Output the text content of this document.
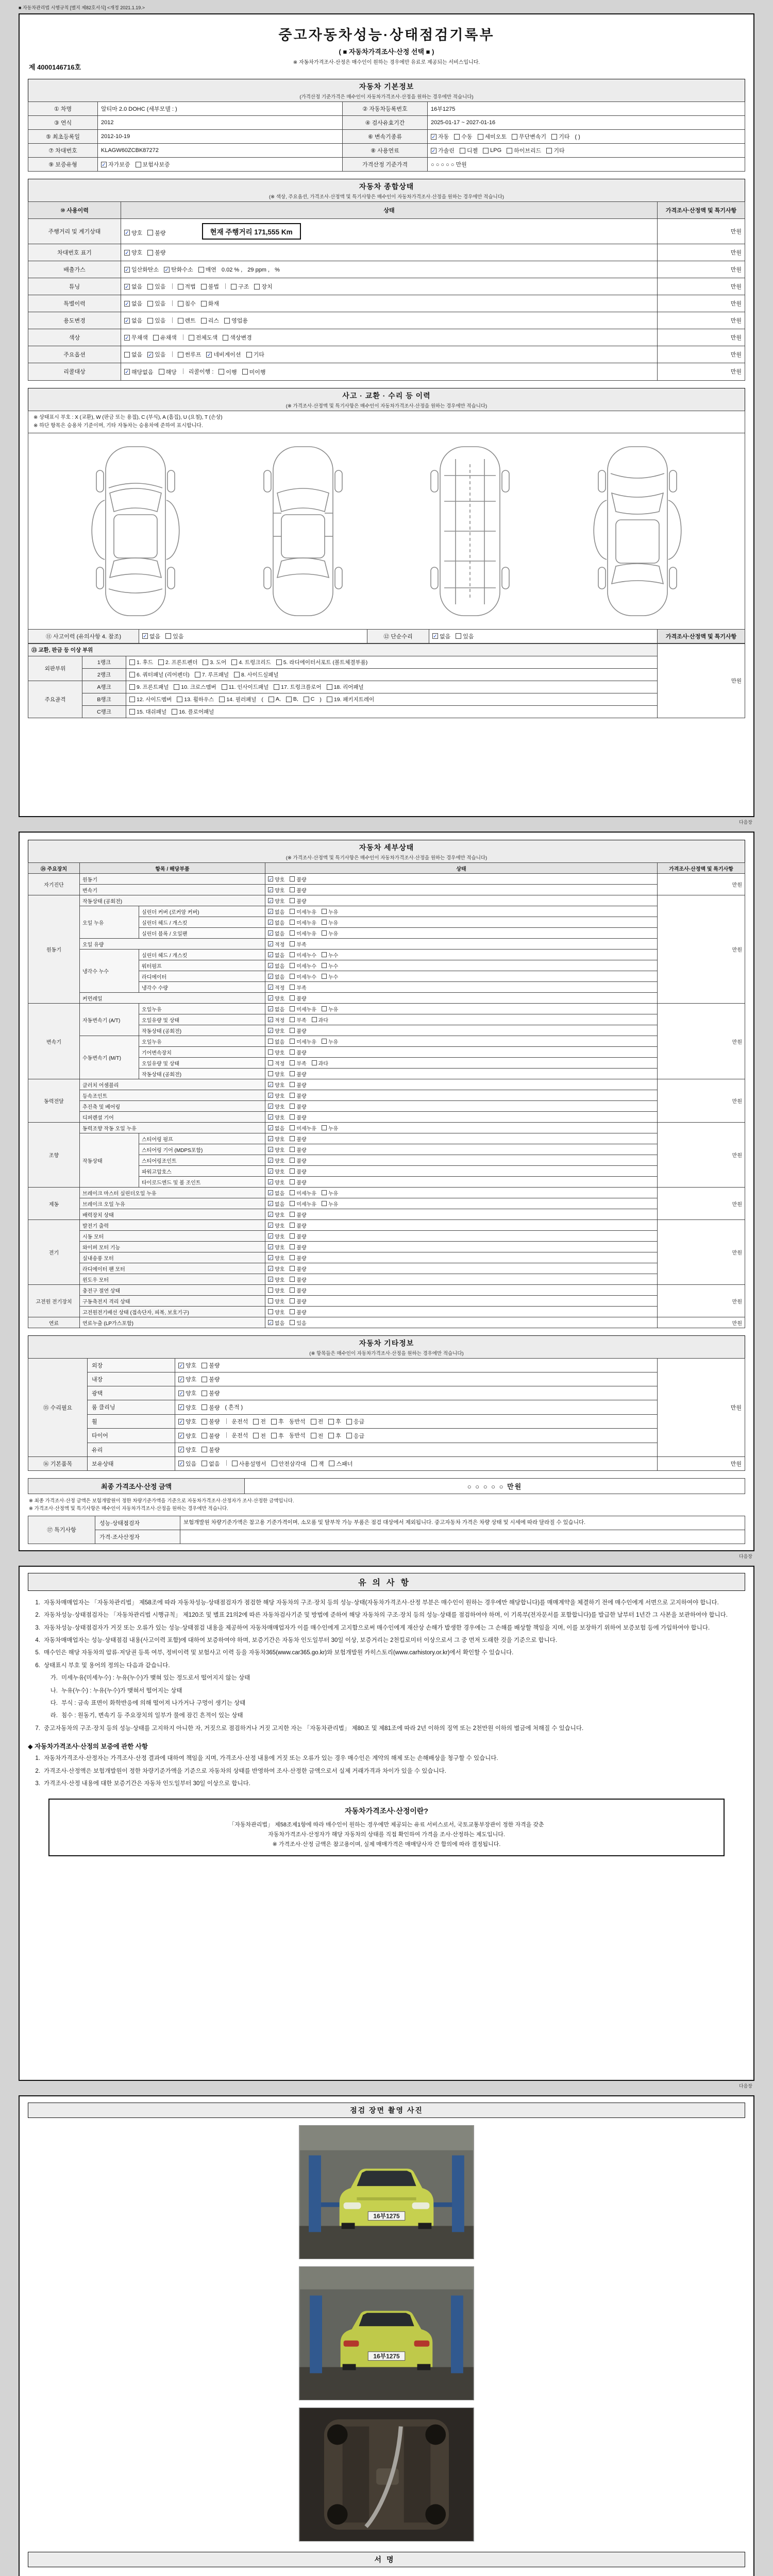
■ 자동차관리법 시행규칙 [별지 제82호서식] <개정 2021.1.19.>
제 4000146716호
중고자동차성능·상태점검기록부
( ■ 자동차가격조사·산정 선택 ■ )
※ 자동차가격조사·산정은 매수인이 원하는 경우에만 유료로 제공되는 서비스입니다.
자동차 기본정보
(가격산정 기준가격은 매수인이 자동차가격조사·산정을 원하는 경우에만 적습니다)
① 차명	알티마 2.0 DOHC (세부모델 : )	② 자동차등록번호	16부1275
③ 연식	2012	④ 검사유효기간	2025-01-17 ~ 2027-01-16
⑤ 최초등록일	2012-10-19	⑥ 변속기종류	✓ 자동 수동 세미오토 무단변속기 기타 ( )
⑦ 차대번호	KLAGW60ZCBK87272	⑧ 사용연료	✓ 가솔린 디젤 LPG 하이브리드 기타

⑨ 보증유형	✓ 자가보증 보험사보증	가격산정 기준가격	○ ○ ○ ○ ○ 만원
자동차 종합상태
(※ 색상, 주요옵션, 가격조사·산정액 및 특기사항은 매수인이 자동차가격조사·산정을 원하는 경우에만 적습니다)
⑩ 사용이력	상태	가격조사·산정액 및 특기사항
주행거리 및 계기상태	✓ 양호 불량 현재 주행거리 171,555 Km	만원
차대번호 표기	✓ 양호 불량	만원
배출가스	✓ 일산화탄소 ✓ 탄화수소 매연 0.02 % , 29 ppm , %	만원
튜닝	✓ 없음 있음	적법 불법	구조 장치	만원
특별이력	✓ 없음 있음	침수 화재	만원
용도변경	✓ 없음 있음	렌트 리스 영업용	만원
색상	✓ 무채색 유채색	전체도색 색상변경	만원
주요옵션	없음 ✓ 있음	썬루프 ✓ 네비게이션 기타	만원
리콜대상	✓ 해당없음 해당 리콜이행 : 이행 미이행	만원
사고 · 교환 · 수리 등 이력
(※ 가격조사·산정액 및 특기사항은 매수인이 자동차가격조사·산정을 원하는 경우에만 적습니다)
※ 상태표시 부호 : X (교환), W (판금 또는 용접), C (부식), A (흠집), U (요철), T (손상)
※ 하단 항목은 승용차 기준이며, 기타 자동차는 승용차에 준하여 표시합니다.
⑪ 사고이력 (유의사항 4. 참조)	✓ 없음 있음	⑫ 단순수리	✓ 없음 있음	가격조사·산정액 및 특기사항
⑬ 교환, 판금 등 이상 부위			만원
외판부위	1랭크	1. 후드 2. 프론트펜더 3. 도어 4. 트렁크리드 5. 라디에이터서포트 (볼트체결부품)

2랭크	6. 쿼터패널 (리어펜더) 7. 루프패널 8. 사이드실패널

주요골격	A랭크	9. 프론트패널 10. 크로스멤버 11. 인사이드패널 17. 트렁크플로어 18. 리어패널

B랭크	12. 사이드멤버 13. 휠하우스 14. 필러패널 ( A, B, C ) 19. 패키지트레이

	C랭크	15. 대쉬패널 16. 플로어패널	
다음장
자동차 세부상태
(※ 가격조사·산정액 및 특기사항은 매수인이 자동차가격조사·산정을 원하는 경우에만 적습니다)
⑭ 주요장치	항목 / 해당부품		상태	가격조사·산정액 및 특기사항
자기진단	원동기		✓ 양호 불량	만원
	변속기		✓ 양호 불량	

원동기	작동상태 (공회전)		✓ 양호 불량	만원
오일 누유	실린더 커버 (로커암 커버)	✓ 없음 미세누유 누유

실린더 헤드 / 개스킷	✓ 없음 미세누유 누유

실린더 블록 / 오일팬	✓ 없음 미세누유 누유

	오일 유량		✓ 적정 부족	

냉각수 누수	실린더 헤드 / 개스킷	✓ 없음 미세누수 누수

워터펌프	✓ 없음 미세누수 누수

라디에이터	✓ 없음 미세누수 누수

		냉각수 수량	✓ 적정 부족	

	커먼레일		✓ 양호 불량	

변속기	자동변속기 (A/T)	오일누유	✓ 없음 미세누유 누유
	만원
오일유량 및 상태	✓ 적정 부족 과다

		작동상태 (공회전)	✓ 양호 불량	

수동변속기 (M/T)	오일누유	없음 미세누유 누유

		기어변속장치	양호 불량	

오일유량 및 상태	적정 부족 과다

		작동상태 (공회전)	양호 불량	

동력전달	클러치 어셈블리		✓ 양호 불량	만원
	등속조인트		✓ 양호 불량	

	추진축 및 베어링		✓ 양호 불량	

	디퍼렌셜 기어		✓ 양호 불량	

조향	동력조향 작동 오일 누유	✓ 없음 미세누유 누유
	만원
	작동상태	스티어링 펌프	✓ 양호 불량	

		스티어링 기어 (MDPS포함)	✓ 양호 불량	

		스티어링조인트	✓ 양호 불량	

		파워고압호스	✓ 양호 불량	

		타이로드엔드 및 볼 조인트	✓ 양호 불량	

제동	브레이크 마스터 실린더오일 누유	✓ 없음 미세누유 누유
	만원
브레이크 오일 누유	✓ 없음 미세누유 누유

	배력장치 상태		✓ 양호 불량	

전기	발전기 출력		✓ 양호 불량	만원
	시동 모터		✓ 양호 불량	

	와이퍼 모터 기능		✓ 양호 불량	

	실내송풍 모터		✓ 양호 불량	

	라디에이터 팬 모터		✓ 양호 불량	

	윈도우 모터		✓ 양호 불량	

고전원 전기장치	충전구 절연 상태		양호 불량	만원
	구동축전지 격리 상태		양호 불량	

	고전원전기배선 상태 (접속단자, 피복, 보호기구)		양호 불량	

연료	연료누출 (LP가스포함)		✓ 없음 있음	만원
자동차 기타정보
(※ 항목들은 매수인이 자동차가격조사·산정을 원하는 경우에만 적습니다)
⑮ 수리필요	외장	✓ 양호 불량	만원
	내장	✓ 양호 불량	

	광택	✓ 양호 불량	

	룸 클리닝	✓ 양호 불량 ( 흔적 )	
휠	✓ 양호 불량 운전석 전 후 동반석 전 후 응급

타이어	✓ 양호 불량 운전석 전 후 동반석 전 후 응급

	유리	✓ 양호 불량	

⑯ 기본품목	보유상태	✓ 있음 없음	사용설명서 안전삼각대 잭 스패너	만원
최종 가격조사·산정 금액	○ ○ ○ ○ ○ 만원
※ 최종 가격조사·산정 금액은 보험개발원이 정한 차량기준가액을 기준으로 자동차가격조사·산정자가 조사·산정한 금액입니다.
※ 가격조사·산정액 및 특기사항은 매수인이 자동차가격조사·산정을 원하는 경우에만 적습니다.
⑰ 특기사항	성능·상태점검자	보험개발원 차량기준가액은 참고용 기준가격이며, 소모품 및 탈부착 가능 부품은 점검 대상에서 제외됩니다. 중고자동차 가격은 차량 상태 및 시세에 따라 달라질 수 있습니다.
	가격·조사산정자	
다음장
유의사항
1. 자동차매매업자는 「자동차관리법」 제58조에 따라 자동차성능·상태점검자가 점검한 해당 자동차의 구조·장치 등의 성능·상태(자동차가격조사·산정 부분은 매수인이 원하는 경우에만 해당합니다)를 매매계약을 체결하기 전에 매수인에게 서면으로 고지하여야 합니다.
2. 자동차성능·상태점검자는 「자동차관리법 시행규칙」 제120조 및 별표 21의2에 따른 자동차검사기준 및 방법에 준하여 해당 자동차의 구조·장치 등의 성능·상태를 점검하여야 하며, 이 기록부(전자문서를 포함합니다)를 발급한 날부터 1년간 그 사본을 보관하여야 합니다.
3. 자동차성능·상태점검자가 거짓 또는 오류가 있는 성능·상태점검 내용을 제공하여 자동차매매업자가 이를 매수인에게 고지함으로써 매수인에게 재산상 손해가 발생한 경우에는 그 손해를 배상할 책임을 지며, 이를 보장하기 위하여 보증보험 등에 가입하여야 합니다.
4. 자동차매매업자는 성능·상태점검 내용(사고이력 포함)에 대하여 보증하여야 하며, 보증기간은 자동차 인도일부터 30일 이상, 보증거리는 2천킬로미터 이상으로서 그 중 먼저 도래한 것을 기준으로 합니다.
5. 매수인은 해당 자동차의 압류·저당권 등록 여부, 정비이력 및 보험사고 이력 등을 자동차365(www.car365.go.kr)와 보험개발원 카히스토리(www.carhistory.or.kr)에서 확인할 수 있습니다.
6. 상태표시 부호 및 용어의 정의는 다음과 같습니다.
가. 미세누유(미세누수) : 누유(누수)가 맺혀 있는 정도로서 떨어지지 않는 상태
나. 누유(누수) : 누유(누수)가 맺혀서 떨어지는 상태
다. 부식 : 금속 표면이 화학반응에 의해 떨어져 나가거나 구멍이 생기는 상태
라. 침수 : 원동기, 변속기 등 주요장치의 일부가 물에 잠긴 흔적이 있는 상태
7. 중고자동차의 구조·장치 등의 성능·상태를 고지하지 아니한 자, 거짓으로 점검하거나 거짓 고지한 자는 「자동차관리법」 제80조 및 제81조에 따라 2년 이하의 징역 또는 2천만원 이하의 벌금에 처해질 수 있습니다.
◆ 자동차가격조사·산정의 보증에 관한 사항
1. 자동차가격조사·산정자는 가격조사·산정 결과에 대하여 책임을 지며, 가격조사·산정 내용에 거짓 또는 오류가 있는 경우 매수인은 계약의 해제 또는 손해배상을 청구할 수 있습니다.
2. 가격조사·산정액은 보험개발원이 정한 차량기준가액을 기준으로 자동차의 상태를 반영하여 조사·산정한 금액으로서 실제 거래가격과 차이가 있을 수 있습니다.
3. 가격조사·산정 내용에 대한 보증기간은 자동차 인도일부터 30일 이상으로 합니다.
자동차가격조사·산정이란?
「자동차관리법」 제58조제1항에 따라 매수인이 원하는 경우에만 제공되는 유료 서비스로서, 국토교통부장관이 정한 자격을 갖춘
자동차가격조사·산정자가 해당 자동차의 상태를 직접 확인하여 가격을 조사·산정하는 제도입니다.
※ 가격조사·산정 금액은 참고용이며, 실제 매매가격은 매매당사자 간 합의에 따라 결정됩니다.
다음장
점검 장면 촬영 사진
16부1275
16부1275
서명
